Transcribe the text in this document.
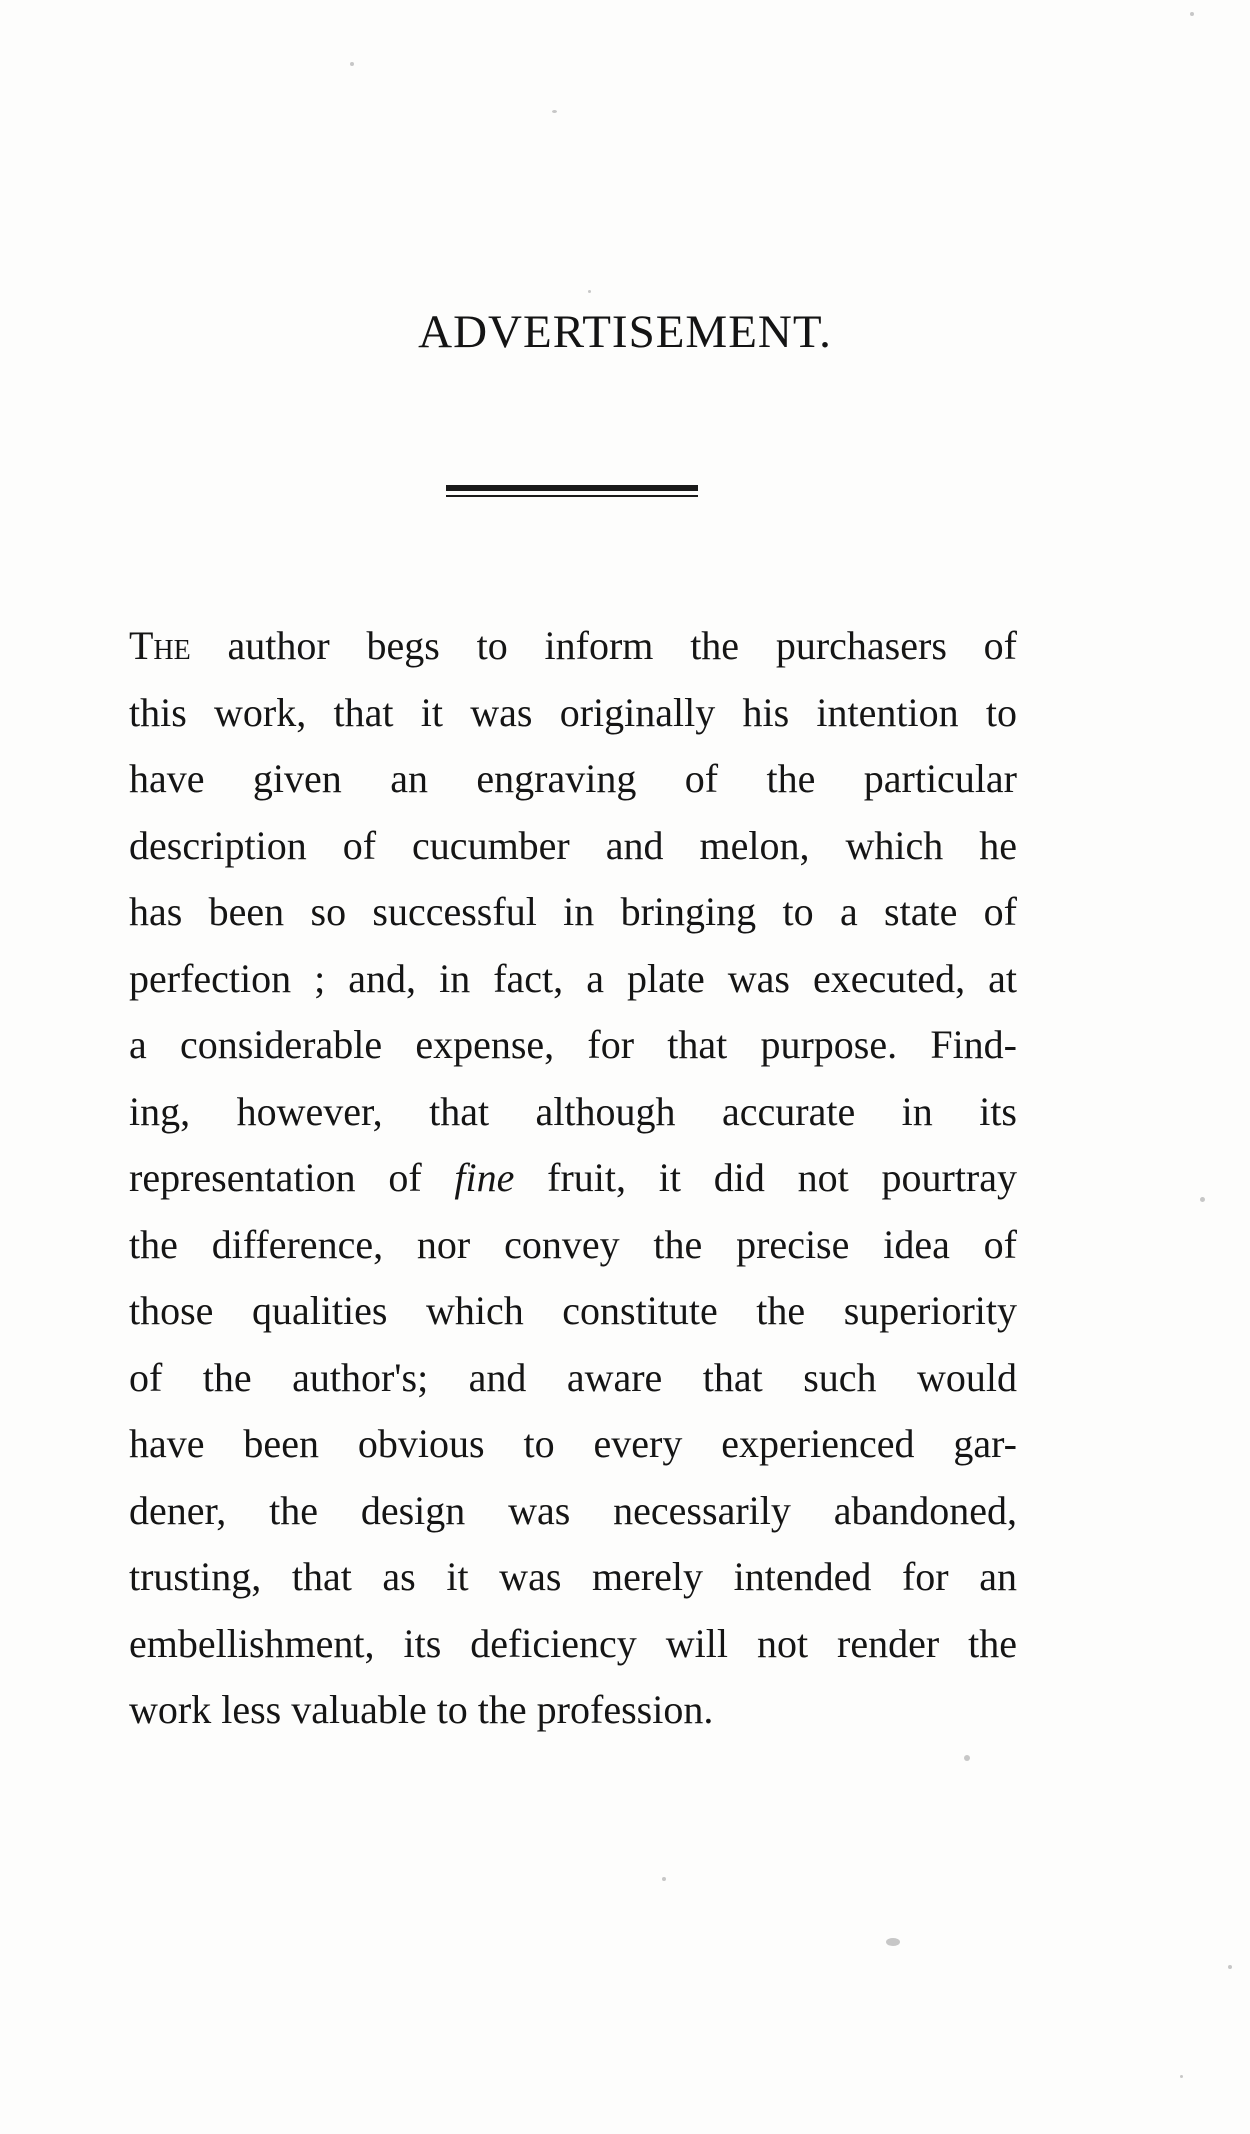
ADVERTISEMENT.

The author begs to inform the purchasers of
this work, that it was originally his intention to
have given an engraving of the particular
description of cucumber and melon, which he
has been so successful in bringing to a state of
perfection ; and, in fact, a plate was executed, at
a considerable expense, for that purpose. Find-
ing, however, that although accurate in its
representation of fine fruit, it did not pourtray
the difference, nor convey the precise idea of
those qualities which constitute the superiority
of the author's; and aware that such would
have been obvious to every experienced gar-
dener, the design was necessarily abandoned,
trusting, that as it was merely intended for an
embellishment, its deficiency will not render the
work less valuable to the profession.
